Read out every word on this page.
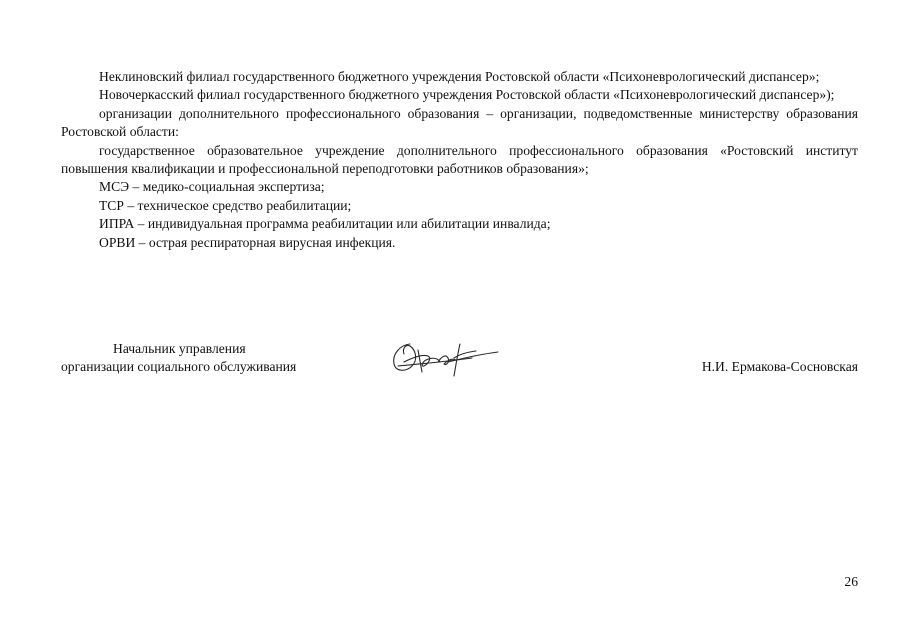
Неклиновский филиал государственного бюджетного учреждения Ростовской области «Психоневрологический диспансер»;

Новочеркасский филиал государственного бюджетного учреждения Ростовской области «Психоневрологический диспансер»);

организации дополнительного профессионального образования – организации, подведомственные министерству образования Ростовской области:

государственное образовательное учреждение дополнительного профессионального образования «Ростовский институт повышения квалификации и профессиональной переподготовки работников образования»;

МСЭ – медико-социальная экспертиза;

ТСР – техническое средство реабилитации;

ИПРА – индивидуальная программа реабилитации или абилитации инвалида;

ОРВИ – острая респираторная вирусная инфекция.

Начальник управления
организации социального обслуживания	Н.И. Ермакова-Сосновская
26
